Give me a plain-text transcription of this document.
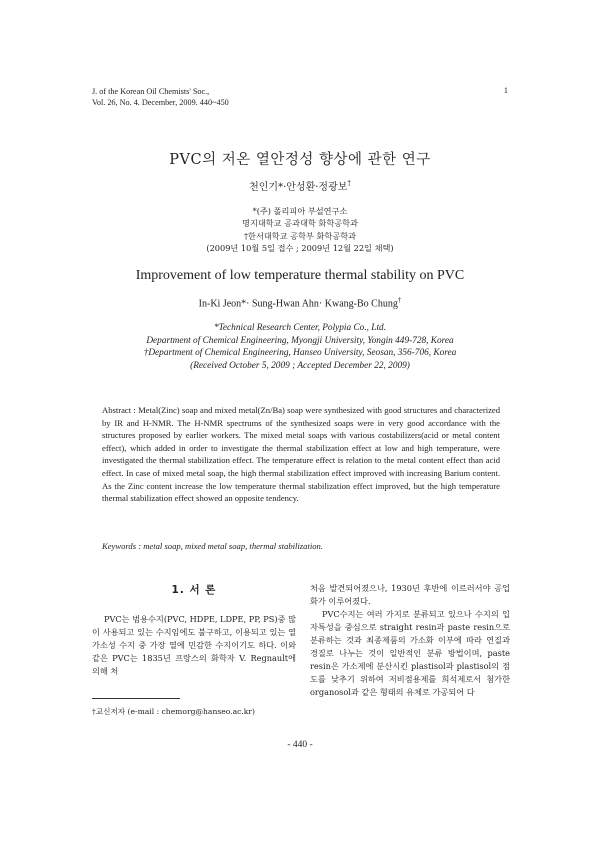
J. of the Korean Oil Chemists' Soc.,
Vol. 26, No. 4. December, 2009. 440~450
1
PVC의 저온 열안정성 향상에 관한 연구
천인기*·안성환·정광보†
*(주) 폴리피아 부설연구소
명지대학교 공과대학 화학공학과
†한서대학교 공학부 화학공학과
(2009년 10월 5일 접수 ; 2009년 12월 22일 채택)
Improvement of low temperature thermal stability on PVC
In-Ki Jeon*· Sung-Hwan Ahn· Kwang-Bo Chung†
*Technical Research Center, Polypia Co., Ltd.
Department of Chemical Engineering, Myongji University, Yongin 449-728, Korea
†Department of Chemical Engineering, Hanseo University, Seosan, 356-706, Korea
(Received October 5, 2009 ; Accepted December 22, 2009)
Abstract : Metal(Zinc) soap and mixed metal(Zn/Ba) soap were synthesized with good structures and characterized by IR and H-NMR. The H-NMR spectrums of the synthesized soaps were in very good accordance with the structures proposed by earlier workers. The mixed metal soaps with various costabilizers(acid or metal content effect), which added in order to investigate the thermal stabilization effect at low and high temperature, were investigated the thermal stabilization effect. The temperature effect is relation to the metal content effect than acid effect. In case of mixed metal soap, the high thermal stabilization effect improved with increasing Barium content. As the Zinc content increase the low temperature thermal stabilization effect improved, but the high temperature thermal stabilization effect showed an opposite tendency.
Keywords : metal soap, mixed metal soap, thermal stabilization.
1. 서 론

PVC는 범용수지(PVC, HDPE, LDPE, PP, PS)중 많이 사용되고 있는 수지임에도 불구하고, 이용되고 있는 열가소성 수지 중 가장 열에 민감한 수지이기도 하다. 이와 같은 PVC는 1835년 프랑스의 화학자 V. Regnault에 의해 처

처음 발견되어졌으나, 1930년 후반에 이르러서야 공업화가 이루어졌다.

PVC수지는 여러 가지로 분류되고 있으나 수지의 입자특성을 중심으로 straight resin과 paste resin으로 분류하는 것과 최종제품의 가소화 이부에 따라 연질과 경질로 나누는 것이 일반적인 분류 방법이며, paste resin은 가소제에 분산시킨 plastisol과 plastisol의 점도를 낮추기 위하여 저비점용제를 희석제로서 첨가한 organosol과 같은 형태의 유체로 가공되어 다

†교신저자 (e-mail : chemorg@hanseo.ac.kr)
- 440 -
